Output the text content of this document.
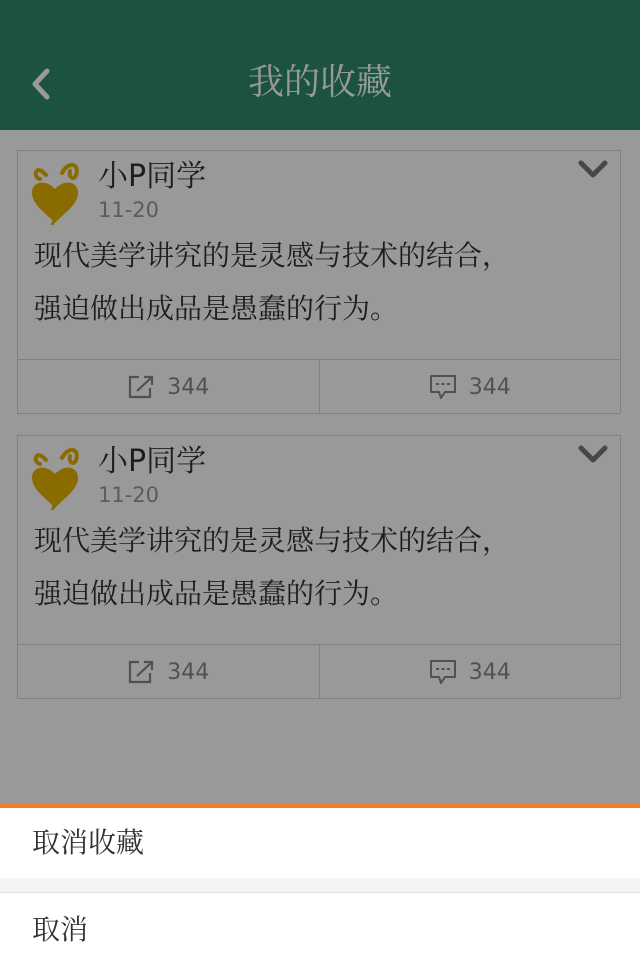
我的收藏
小P同学
11-20
现代美学讲究的是灵感与技术的结合，
强迫做出成品是愚蠢的行为。
344	344
小P同学
11-20
现代美学讲究的是灵感与技术的结合，
强迫做出成品是愚蠢的行为。
344	344
取消收藏
取消
